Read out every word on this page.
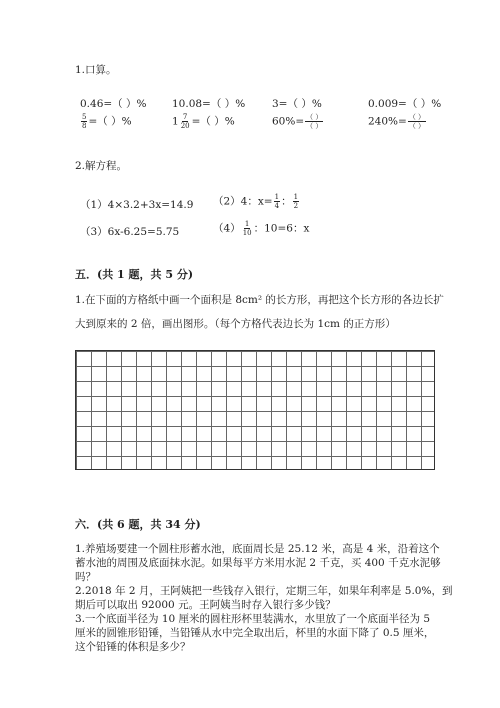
1.口算。
0.46=（ ）% 10.08=（ ）%	3=（ ）%	0.009=（ ）%
$\frac{5}{8}$ =（ ）%	$1 \frac{7}{20}$ =（ ）%	$60\%= \frac{( )}{( )}$	$240\%= \frac{( )}{( )}$
2.解方程。
（1）4×3.2+3x=14.9 （2）4：$x= \frac{1}{4}$ ： $\frac{1}{2}$
（3）6x-6.25=5.75	$(4) \frac{1}{10}$ ：10=6：x
五．(共 1 题，共 5 分)
1.在下面的方格纸中画一个面积是 8cm² 的长方形，再把这个长方形的各边长扩
大到原来的 2 倍，画出图形。（每个方格代表边长为 1cm 的正方形）
六．(共 6 题，共 34 分)
1.养殖场要建一个圆柱形蓄水池，底面周长是 25.12 米，高是 4 米，沿着这个
蓄水池的周围及底面抹水泥。如果每平方米用水泥 2 千克，买 400 千克水泥够
吗？
2.2018 年 2 月，王阿姨把一些钱存入银行，定期三年，如果年利率是 5.0%，到
期后可以取出 92000 元。王阿姨当时存入银行多少钱？
3.一个底面半径为 10 厘米的圆柱形杯里装满水，水里放了一个底面半径为 5
厘米的圆锥形铅锤，当铅锤从水中完全取出后，杯里的水面下降了 0.5 厘米，
这个铅锤的体积是多少？
